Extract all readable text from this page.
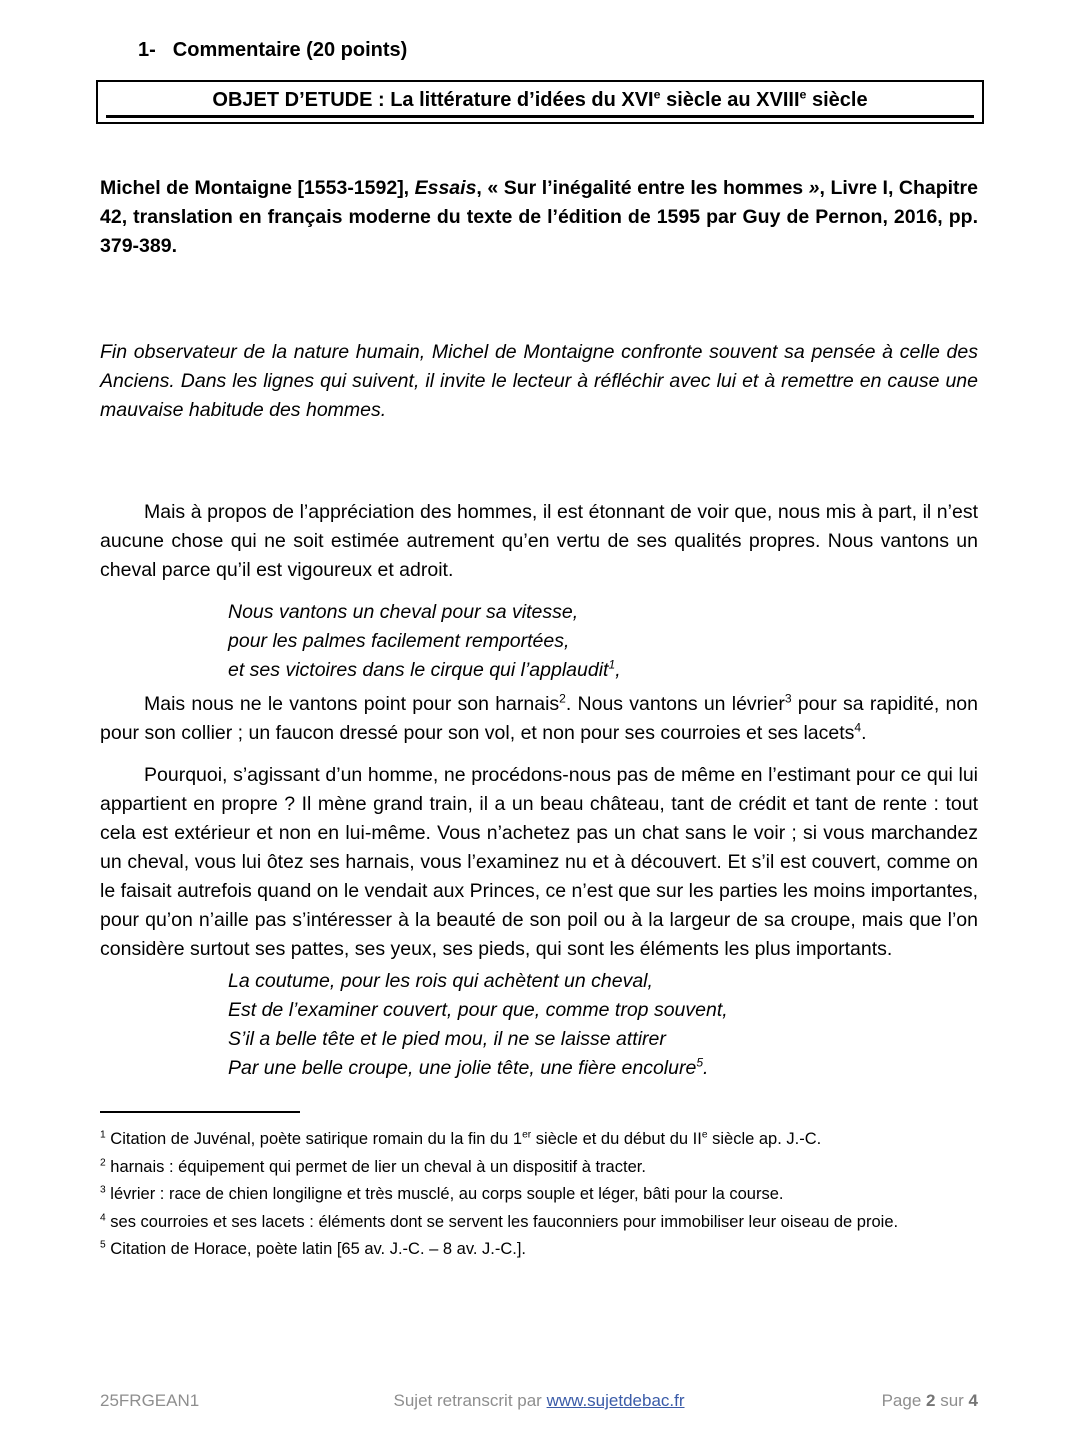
1- Commentaire (20 points)
OBJET D’ETUDE : La littérature d’idées du XVIe siècle au XVIIIe siècle

Michel de Montaigne [1553-1592], Essais, « Sur l’inégalité entre les hommes », Livre I, Chapitre 42, translation en français moderne du texte de l’édition de 1595 par Guy de Pernon, 2016, pp. 379-389.

Fin observateur de la nature humain, Michel de Montaigne confronte souvent sa pensée à celle des Anciens. Dans les lignes qui suivent, il invite le lecteur à réfléchir avec lui et à remettre en cause une mauvaise habitude des hommes.

Mais à propos de l’appréciation des hommes, il est étonnant de voir que, nous mis à part, il n’est aucune chose qui ne soit estimée autrement qu’en vertu de ses qualités propres. Nous vantons un cheval parce qu’il est vigoureux et adroit.

Nous vantons un cheval pour sa vitesse,
pour les palmes facilement remportées,
et ses victoires dans le cirque qui l’applaudit$^1$,

Mais nous ne le vantons point pour son harnais$^2$. Nous vantons un lévrier$^3$ pour sa rapidité, non pour son collier ; un faucon dressé pour son vol, et non pour ses courroies et ses lacets$^4$.

Pourquoi, s’agissant d’un homme, ne procédons-nous pas de même en l’estimant pour ce qui lui appartient en propre ? Il mène grand train, il a un beau château, tant de crédit et tant de rente : tout cela est extérieur et non en lui-même. Vous n’achetez pas un chat sans le voir ; si vous marchandez un cheval, vous lui ôtez ses harnais, vous l’examinez nu et à découvert. Et s’il est couvert, comme on le faisait autrefois quand on le vendait aux Princes, ce n’est que sur les parties les moins importantes, pour qu’on n’aille pas s’intéresser à la beauté de son poil ou à la largeur de sa croupe, mais que l’on considère surtout ses pattes, ses yeux, ses pieds, qui sont les éléments les plus importants.

La coutume, pour les rois qui achètent un cheval,
Est de l’examiner couvert, pour que, comme trop souvent,
S’il a belle tête et le pied mou, il ne se laisse attirer
Par une belle croupe, une jolie tête, une fière encolure$^5$.
$^1$ Citation de Juvénal, poète satirique romain du la fin du 1er siècle et du début du IIe siècle ap. J.-C.
$^2$ harnais : équipement qui permet de lier un cheval à un dispositif à tracter.
$^3$ lévrier : race de chien longiligne et très musclé, au corps souple et léger, bâti pour la course.
$^4$ ses courroies et ses lacets : éléments dont se servent les fauconniers pour immobiliser leur oiseau de proie.
$^5$ Citation de Horace, poète latin [65 av. J.-C. – 8 av. J.-C.].
25FRGEAN1	Sujet retranscrit par www.sujetdebac.fr	Page 2 sur 4
